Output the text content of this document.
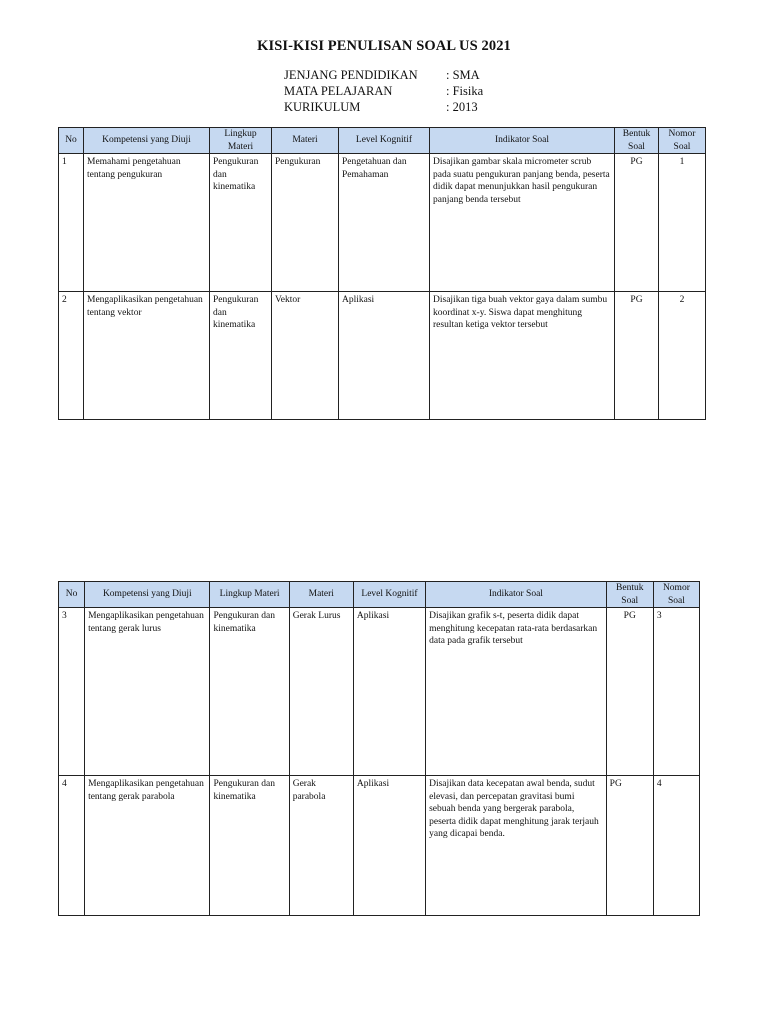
KISI-KISI PENULISAN SOAL US 2021
JENJANG PENDIDIKAN	: SMA
MATA PELAJARAN	: Fisika
KURIKULUM	: 2013
No	Kompetensi yang Diuji	Lingkup Materi	Materi	Level Kognitif	Indikator Soal	Bentuk Soal	Nomor Soal
1	Memahami pengetahuan tentang pengukuran	Pengukuran dan kinematika	Pengukuran	Pengetahuan dan Pemahaman	Disajikan gambar skala micrometer scrub pada suatu pengukuran panjang benda, peserta didik dapat menunjukkan hasil pengukuran panjang benda tersebut	PG	1
2	Mengaplikasikan pengetahuan tentang vektor	Pengukuran dan kinematika	Vektor	Aplikasi	Disajikan tiga buah vektor gaya dalam sumbu koordinat x-y. Siswa dapat menghitung resultan ketiga vektor tersebut	PG	2
No	Kompetensi yang Diuji	Lingkup Materi	Materi	Level Kognitif	Indikator Soal	Bentuk Soal	Nomor Soal
3	Mengaplikasikan pengetahuan tentang gerak lurus	Pengukuran dan kinematika	Gerak Lurus	Aplikasi	Disajikan grafik s-t, peserta didik dapat menghitung kecepatan rata-rata berdasarkan data pada grafik tersebut	PG	3
4	Mengaplikasikan pengetahuan tentang gerak parabola	Pengukuran dan kinematika	Gerak parabola	Aplikasi	Disajikan data kecepatan awal benda, sudut elevasi, dan percepatan gravitasi bumi sebuah benda yang bergerak parabola, peserta didik dapat menghitung jarak terjauh yang dicapai benda.	PG	4
